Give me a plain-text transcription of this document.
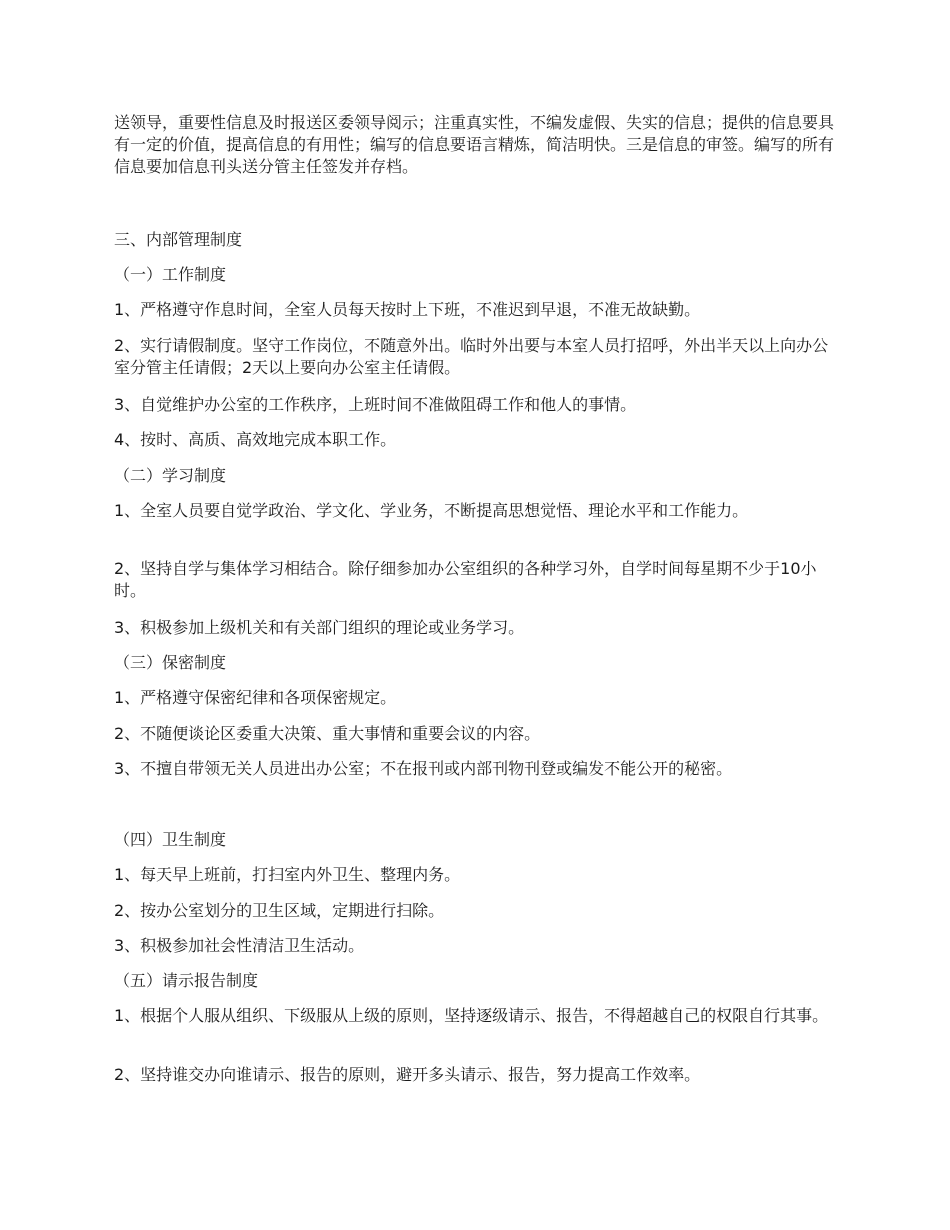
送领导，重要性信息及时报送区委领导阅示；注重真实性，不编发虚假、失实的信息；提供的信息要具有一定的价值，提高信息的有用性；编写的信息要语言精炼，简洁明快。三是信息的审签。编写的所有信息要加信息刊头送分管主任签发并存档。

三、内部管理制度

（一）工作制度

1、严格遵守作息时间，全室人员每天按时上下班，不准迟到早退，不准无故缺勤。

2、实行请假制度。坚守工作岗位，不随意外出。临时外出要与本室人员打招呼，外出半天以上向办公室分管主任请假；2天以上要向办公室主任请假。

3、自觉维护办公室的工作秩序，上班时间不准做阻碍工作和他人的事情。

4、按时、高质、高效地完成本职工作。

（二）学习制度

1、全室人员要自觉学政治、学文化、学业务，不断提高思想觉悟、理论水平和工作能力。

2、坚持自学与集体学习相结合。除仔细参加办公室组织的各种学习外，自学时间每星期不少于10小时。

3、积极参加上级机关和有关部门组织的理论或业务学习。

（三）保密制度

1、严格遵守保密纪律和各项保密规定。

2、不随便谈论区委重大决策、重大事情和重要会议的内容。

3、不擅自带领无关人员进出办公室；不在报刊或内部刊物刊登或编发不能公开的秘密。

（四）卫生制度

1、每天早上班前，打扫室内外卫生、整理内务。

2、按办公室划分的卫生区域，定期进行扫除。

3、积极参加社会性清洁卫生活动。

（五）请示报告制度

1、根据个人服从组织、下级服从上级的原则，坚持逐级请示、报告，不得超越自己的权限自行其事。

2、坚持谁交办向谁请示、报告的原则，避开多头请示、报告，努力提高工作效率。
